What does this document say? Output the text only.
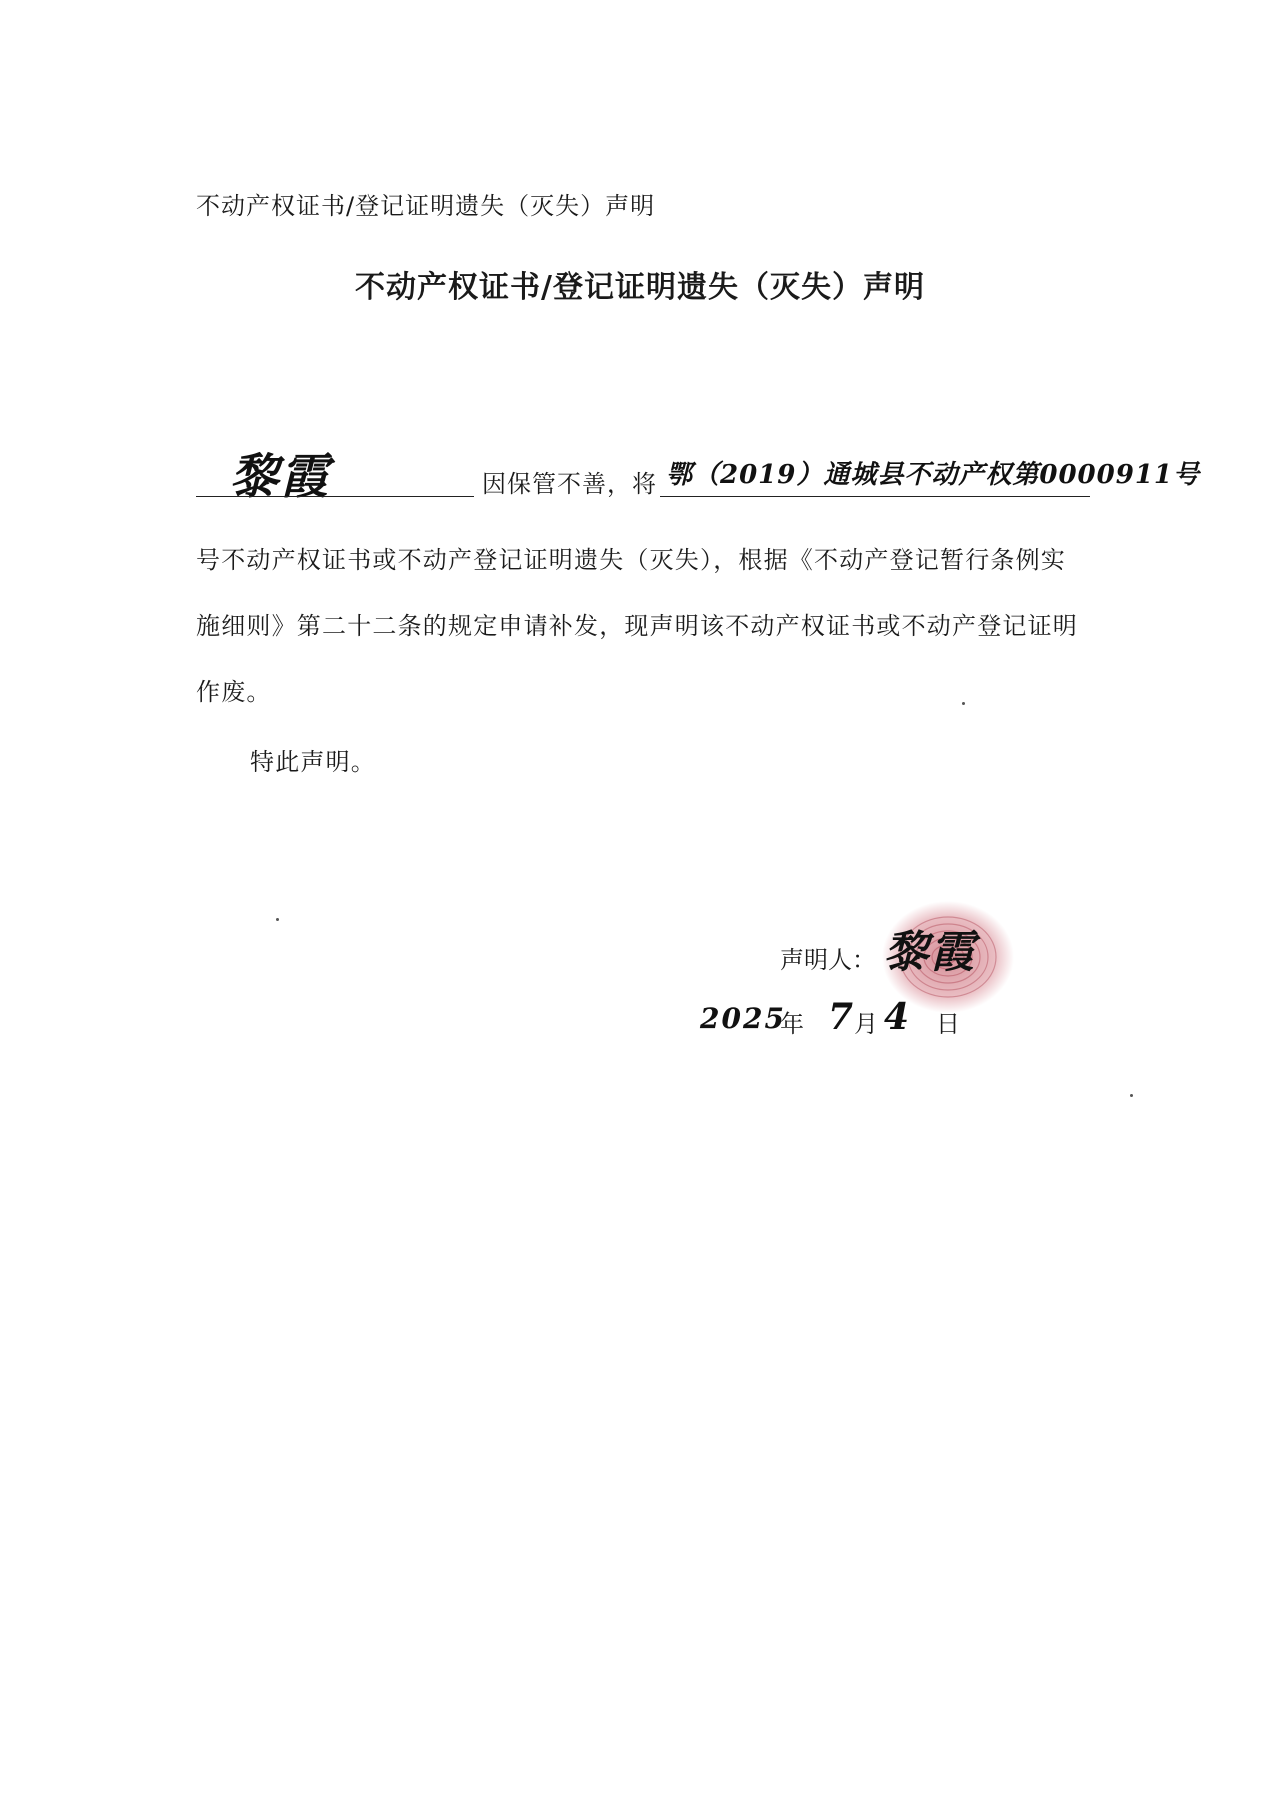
不动产权证书/登记证明遗失（灭失）声明
不动产权证书/登记证明遗失（灭失）声明
黎霞	因保管不善，将 鄂（2019）通城县不动产权第0000911号
号不动产权证书或不动产登记证明遗失（灭失），根据《不动产登记暂行条例实
施细则》第二十二条的规定申请补发，现声明该不动产权证书或不动产登记证明
作废。
特此声明。
声明人： 黎霞
2025
年 7
月 4 日
